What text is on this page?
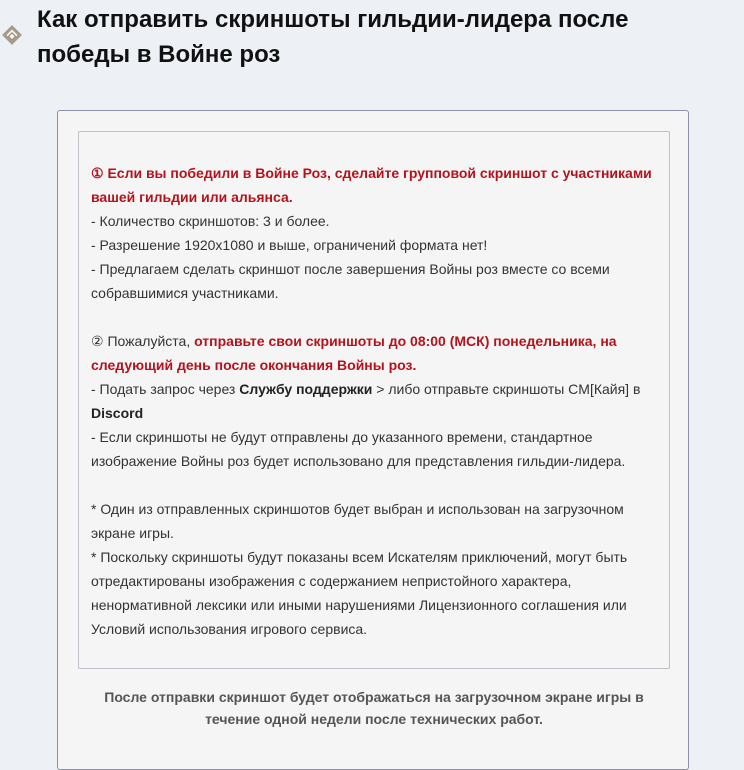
Как отправить скриншоты гильдии-лидера после победы в Войне роз

① Если вы победили в Войне Роз, сделайте групповой скриншот с участниками вашей гильдии или альянса.

- Количество скриншотов: 3 и более.

- Разрешение 1920x1080 и выше, ограничений формата нет!

- Предлагаем сделать скриншот после завершения Войны роз вместе со всеми собравшимися участниками.

② Пожалуйста, отправьте свои скриншоты до 08:00 (МСК) понедельника, на следующий день после окончания Войны роз.

- Подать запрос через Службу поддержки > либо отправьте скриншоты CM[Кайя] в Discord

- Если скриншоты не будут отправлены до указанного времени, стандартное изображение Войны роз будет использовано для представления гильдии-лидера.

* Один из отправленных скриншотов будет выбран и использован на загрузочном экране игры.

* Поскольку скриншоты будут показаны всем Искателям приключений, могут быть отредактированы изображения с содержанием непристойного характера, ненормативной лексики или иными нарушениями Лицензионного соглашения или Условий использования игрового сервиса.

После отправки скриншот будет отображаться на загрузочном экране игры в течение одной недели после технических работ.
